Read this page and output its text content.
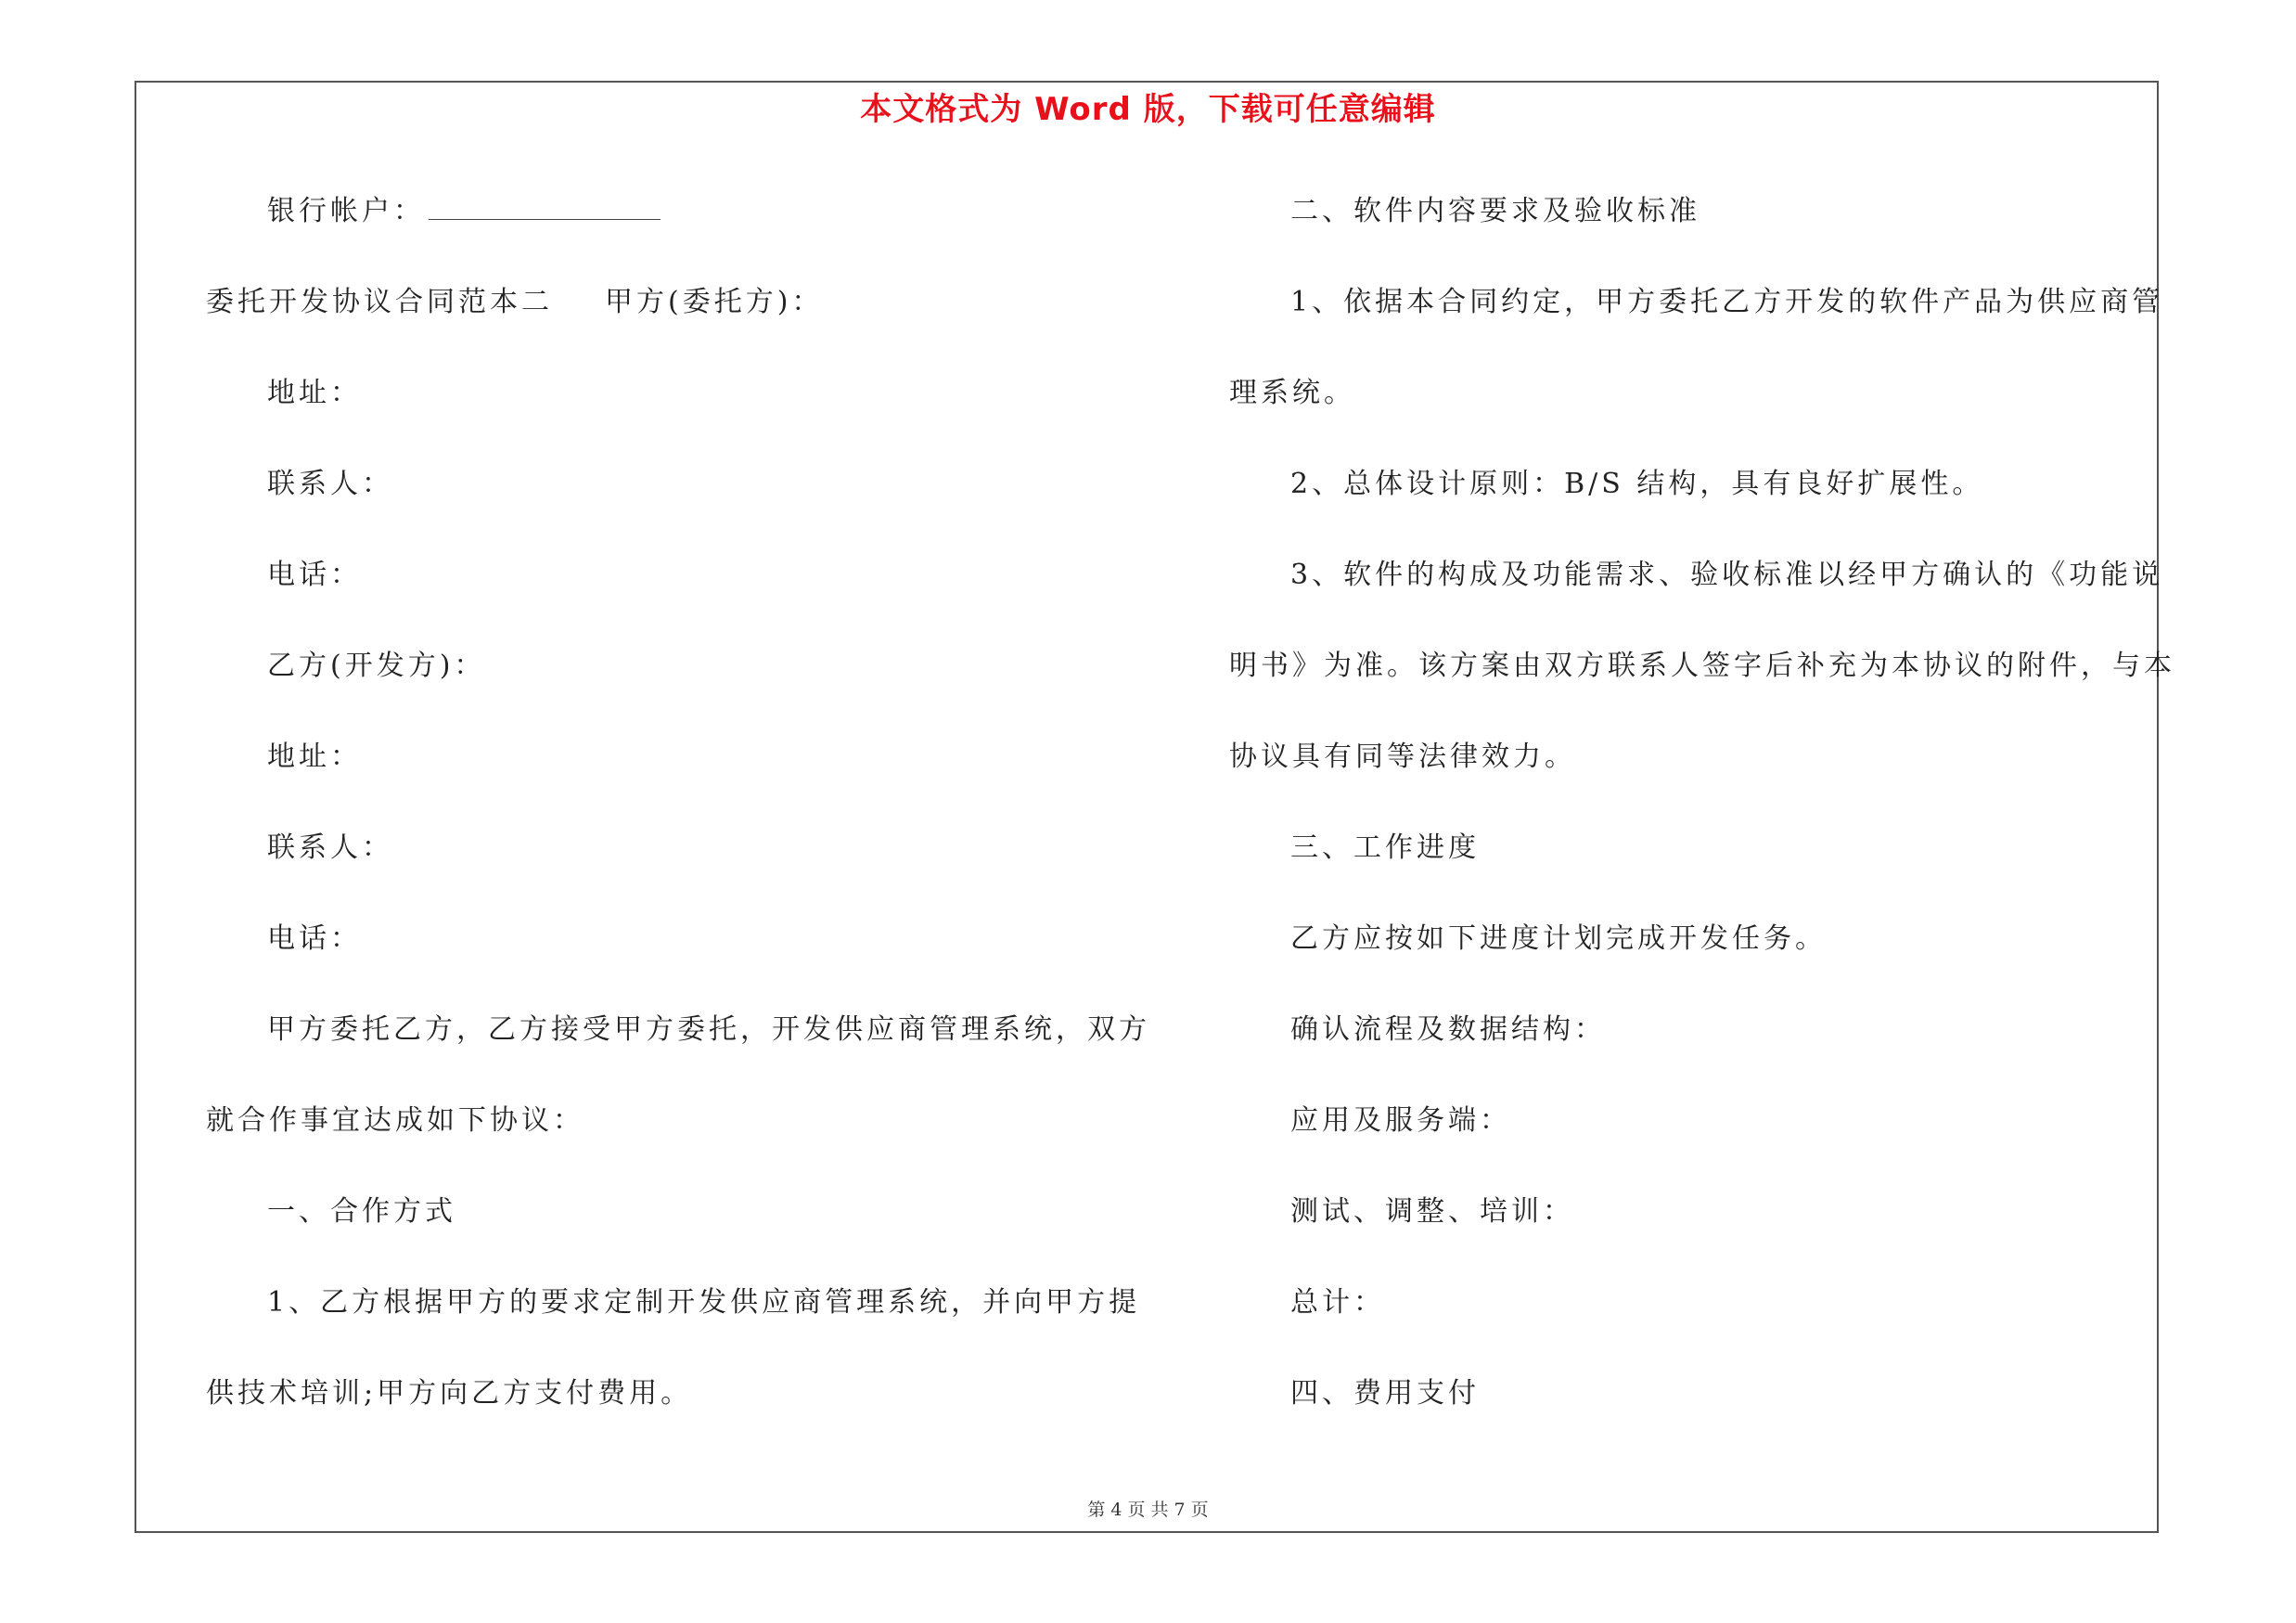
本文格式为 Word 版，下载可任意编辑
银行帐户：
委托开发协议合同范本二 甲方(委托方)：
地址：
联系人：
电话：
乙方(开发方)：
地址：
联系人：
电话：
甲方委托乙方，乙方接受甲方委托，开发供应商管理系统，双方
就合作事宜达成如下协议：
一、合作方式
1、乙方根据甲方的要求定制开发供应商管理系统，并向甲方提
供技术培训;甲方向乙方支付费用。
二、软件内容要求及验收标准
1、依据本合同约定，甲方委托乙方开发的软件产品为供应商管
理系统。
2、总体设计原则：B/S 结构，具有良好扩展性。
3、软件的构成及功能需求、验收标准以经甲方确认的《功能说
明书》为准。该方案由双方联系人签字后补充为本协议的附件，与本
协议具有同等法律效力。
三、工作进度
乙方应按如下进度计划完成开发任务。
确认流程及数据结构：
应用及服务端：
测试、调整、培训：
总计：
四、费用支付
第 4 页 共 7 页
